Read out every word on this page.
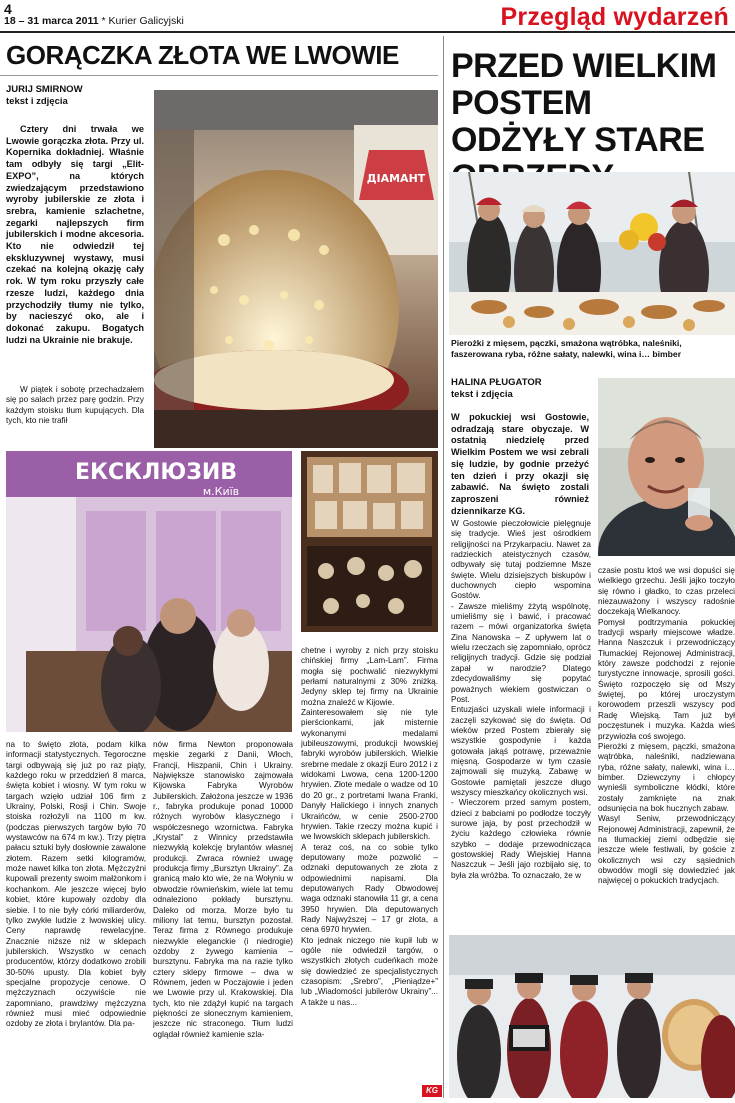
4
18 – 31 marca 2011 * Kurier Galicyjski	Przegląd wydarzeń
GORĄCZKA ZŁOTA WE LWOWIE
JURIJ SMIRNOW
tekst i zdjęcia
Cztery dni trwała we Lwowie gorączka złota. Przy ul. Kopernika dokładniej. Właśnie tam odbyły się targi „Elit-EXPO”, na których zwiedzającym przedstawiono wyroby jubilerskie ze złota i srebra, kamienie szlachetne, zegarki najlepszych firm jubilerskich i modne akcesoria. Kto nie odwiedził tej ekskluzywnej wystawy, musi czekać na kolejną okazję cały rok. W tym roku przyszły całe rzesze ludzi, każdego dnia przychodziły tłumy nie tylko, by nacieszyć oko, ale i dokonać zakupu. Bogatych ludzi na Ukrainie nie brakuje.
W piątek i sobotę przechadzałem się po salach przez parę godzin. Przy każdym stoisku tłum kupujących. Dla tych, kto nie trafił
ДІАМАНТ
ЕКСКЛЮЗИВ
м.Київ
na to święto złota, podam kilka informacji statystycznych. Tegoroczne targi odbywają się już po raz piąty, każdego roku w przeddzień 8 marca, święta kobiet i wiosny. W tym roku w targach wzięło udział 106 firm z Ukrainy, Polski, Rosji i Chin. Swoje stoiska rozłożyli na 1100 m kw. (podczas pierwszych targów było 70 wystawców na 674 m kw.). Trzy piętra pałacu sztuki były dosłownie zawalone złotem. Razem setki kilogramów, może nawet kilka ton złota. Mężczyźni kupowali prezenty swoim małżonkom i kochankom. Ale jeszcze więcej było kobiet, które kupowały ozdoby dla siebie. I to nie były córki miliarderów, tylko zwykłe ludzie z lwowskiej ulicy. Ceny naprawdę rewelacyjne. Znacznie niższe niż w sklepach jubilerskich. Wszystko w cenach producentów, którzy dodatkowo zrobili 30-50% upusty. Dla kobiet były specjalne propozycje cenowe. O mężczyznach oczywiście nie zapomniano, prawdziwy mężczyzna również musi mieć odpowiednie ozdoby ze złota i brylantów. Dla pa-
nów firma Newton proponowała męskie zegarki z Danii, Włoch, Francji, Hiszpanii, Chin i Ukrainy. Największe stanowisko zajmowała Kijowska Fabryka Wyrobów Jubilerskich. Założona jeszcze w 1936 r., fabryka produkuje ponad 10000 różnych wyrobów klasycznego i współczesnego wzornictwa. Fabryka „Krystal” z Winnicy przedstawiła niezwykłą kolekcję brylantów własnej produkcji. Zwraca również uwagę produkcja firmy „Bursztyn Ukrainy”. Za granicą mało kto wie, że na Wołyniu w obwodzie równieńskim, wiele lat temu odnaleziono pokłady bursztynu. Daleko od morza. Morze było tu miliony lat temu, bursztyn pozostał. Teraz firma z Równego produkuje niezwykle eleganckie (i niedrogie) ozdoby z żywego kamienia – bursztynu. Fabryka ma na razie tylko cztery sklepy firmowe – dwa w Równem, jeden w Poczajowie i jeden we Lwowie przy ul. Krakowskiej. Dla tych, kto nie zdążył kupić na targach piękności ze słonecznym kamieniem, jeszcze nic straconego. Tłum ludzi oglądał również kamienie szla-
chetne i wyroby z nich przy stoisku chińskiej firmy „Lam-Lam”. Firma mogła się pochwalić niezwykłymi perłami naturalnymi z 30% zniżką. Jedyny sklep tej firmy na Ukrainie można znaleźć w Kijowie.
Zainteresowałem się nie tyle pierścionkami, jak misternie wykonanymi medalami jubileuszowymi, produkcji lwowskiej fabryki wyrobów jubilerskich. Wielkie srebrne medale z okazji Euro 2012 i z widokami Lwowa, cena 1200-1200 hrywien. Złote medale o wadze od 10 do 20 gr., z portretami Iwana Franki, Danyły Halickiego i innych znanych Ukraińców, w cenie 2500-2700 hrywien. Takie rzeczy można kupić i we lwowskich sklepach jubilerskich.
A teraz coś, na co sobie tylko deputowany może pozwolić – odznaki deputowanych ze złota z odpowiednimi napisami. Dla deputowanych Rady Obwodowej waga odznaki stanowiła 11 gr, a cena 3950 hrywien. Dla deputowanych Rady Najwyższej – 17 gr złota, a cena 6970 hrywien.
Kto jednak niczego nie kupił lub w ogóle nie odwiedził targów, o wszystkich złotych cudeńkach może się dowiedzieć ze specjalistycznych czasopism: „Srebro”, „Pieniądze+” lub „Wiadomości jubilerów Ukrainy”... A także u nas...
PRZED WIELKIM POSTEM ODŻYŁY STARE
Pierożki z mięsem, pączki, smażona wątróbka, naleśniki, faszerowana ryba, różne sałaty, nalewki, wina i… bimber
HALINA PŁUGATOR
tekst i zdjęcia
W pokuckiej wsi Gostowie, odradzają stare obyczaje. W ostatnią niedzielę przed Wielkim Postem we wsi zebrali się ludzie, by godnie przeżyć ten dzień i przy okazji się zabawić. Na święto zostali zaproszeni również dziennikarze KG.
W Gostowie pieczołowicie pielęgnuje się tradycje. Wieś jest ośrodkiem religijności na Przykarpaciu. Nawet za radzieckich ateistycznych czasów, odbywały się tutaj podziemne Msze święte. Wielu dzisiejszych biskupów i duchownych ciepło wspomina Gostów.
- Zawsze mieliśmy żżytą wspólnotę, umieliśmy się i bawić, i pracować razem – mówi organizatorka święta Zina Nanowska – Z upływem lat o wielu rzeczach się zapomniało, oprócz religijnych tradycji. Gdzie się podział zapał w narodzie? Dlatego zdecydowaliśmy się popytać poważnych wiekiem gostwiczan o Post.
Entuzjaści uzyskali wiele informacji i zaczęli szykować się do święta. Od wieków przed Postem zbierały się wszystkie gospodynie i każda gotowała jakąś potrawę, przeważnie mięsną. Gospodarze w tym czasie zajmowali się muzyką. Zabawę w Gostowie pamiętali jeszcze długo wszyscy mieszkańcy okolicznych wsi.
- Wieczorem przed samym postem, dzieci z babciami po podłodze toczyły surowe jaja, by post przechodził w życiu każdego człowieka równie szybko – dodaje przewodnicząca gostowskiej Rady Wiejskiej Hanna Naszczuk – Jeśli jajo rozbijało się, to była zła wróżba. To oznaczało, że w
czasie postu ktoś we wsi dopuści się wielkiego grzechu. Jeśli jajko toczyło się równo i gładko, to czas przeleci niezauważony i wszyscy radośnie doczekają Wielkanocy.
Pomysł podtrzymania pokuckiej tradycji wsparły miejscowe władze. Hanna Naszczuk i przewodniczący Tłumackiej Rejonowej Administracji, który zawsze podchodzi z rejonie turystyczne innowacje, sprosili gości. Święto rozpoczęło się od Mszy świętej, po której uroczystym korowodem przeszli wszyscy pod Radę Wiejską. Tam już był poczęstunek i muzyka. Każda wieś przywiozła coś swojego.
Pierożki z mięsem, pączki, smażona wątróbka, naleśniki, nadziewana ryba, różne sałaty, nalewki, wina i… bimber. Dziewczyny i chłopcy wynieśli symboliczne kłódki, które zostały zamknięte na znak odsunięcia na bok hucznych zabaw.
Wasyl Seniw, przewodniczący Rejonowej Administracji, zapewnił, że na tłumackiej ziemi odbędzie się jeszcze wiele festiwali, by goście z okolicznych wsi czy sąsiednich obwodów mogli się dowiedzieć jak najwięcej o pokuckich tradycjach.
KG
